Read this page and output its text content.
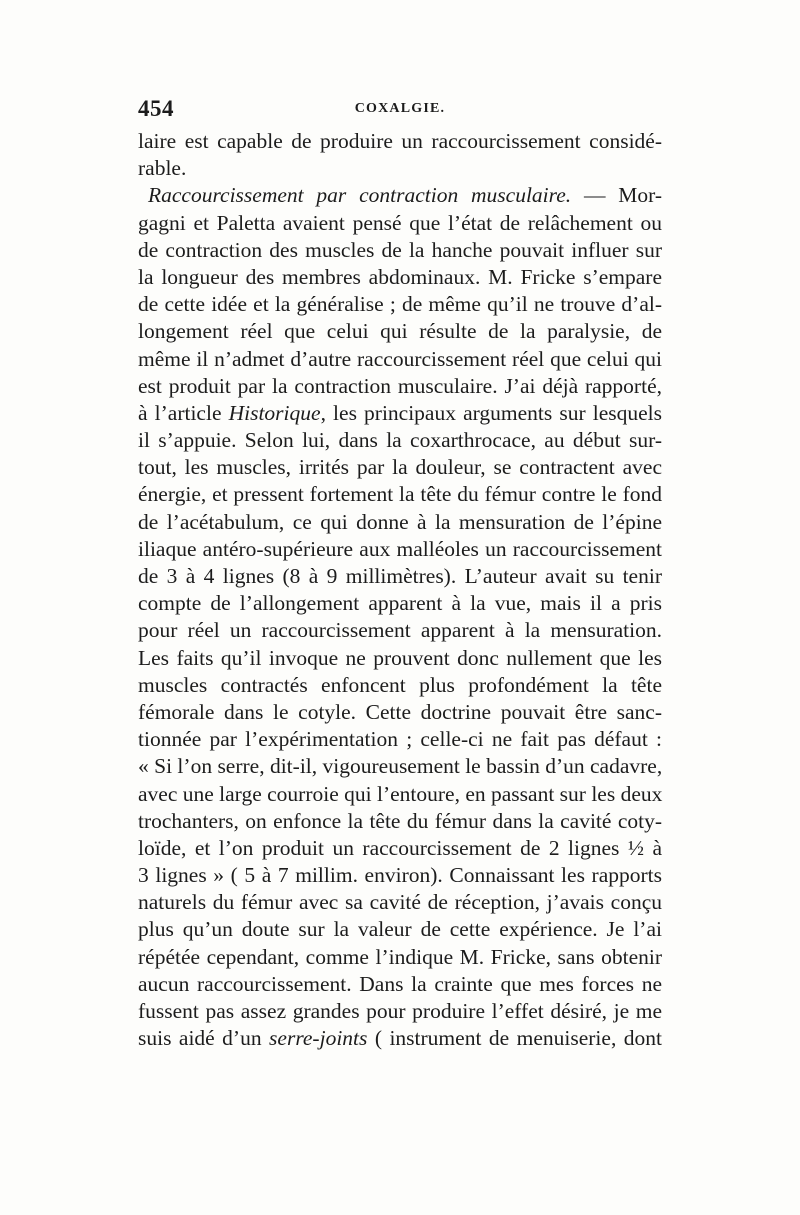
454	COXALGIE.
laire est capable de produire un raccourcissement considé-
rable.
Raccourcissement par contraction musculaire. — Mor-
gagni et Paletta avaient pensé que l’état de relâchement ou
de contraction des muscles de la hanche pouvait influer sur
la longueur des membres abdominaux. M. Fricke s’empare
de cette idée et la généralise ; de même qu’il ne trouve d’al-
longement réel que celui qui résulte de la paralysie, de
même il n’admet d’autre raccourcissement réel que celui qui
est produit par la contraction musculaire. J’ai déjà rapporté,
à l’article Historique, les principaux arguments sur lesquels
il s’appuie. Selon lui, dans la coxarthrocace, au début sur-
tout, les muscles, irrités par la douleur, se contractent avec
énergie, et pressent fortement la tête du fémur contre le fond
de l’acétabulum, ce qui donne à la mensuration de l’épine
iliaque antéro-supérieure aux malléoles un raccourcissement
de 3 à 4 lignes (8 à 9 millimètres). L’auteur avait su tenir
compte de l’allongement apparent à la vue, mais il a pris
pour réel un raccourcissement apparent à la mensuration.
Les faits qu’il invoque ne prouvent donc nullement que les
muscles contractés enfoncent plus profondément la tête
fémorale dans le cotyle. Cette doctrine pouvait être sanc-
tionnée par l’expérimentation ; celle-ci ne fait pas défaut :
« Si l’on serre, dit-il, vigoureusement le bassin d’un cadavre,
avec une large courroie qui l’entoure, en passant sur les deux
trochanters, on enfonce la tête du fémur dans la cavité coty-
loïde, et l’on produit un raccourcissement de 2 lignes ½ à
3 lignes » ( 5 à 7 millim. environ). Connaissant les rapports
naturels du fémur avec sa cavité de réception, j’avais conçu
plus qu’un doute sur la valeur de cette expérience. Je l’ai
répétée cependant, comme l’indique M. Fricke, sans obtenir
aucun raccourcissement. Dans la crainte que mes forces ne
fussent pas assez grandes pour produire l’effet désiré, je me
suis aidé d’un serre-joints ( instrument de menuiserie, dont
